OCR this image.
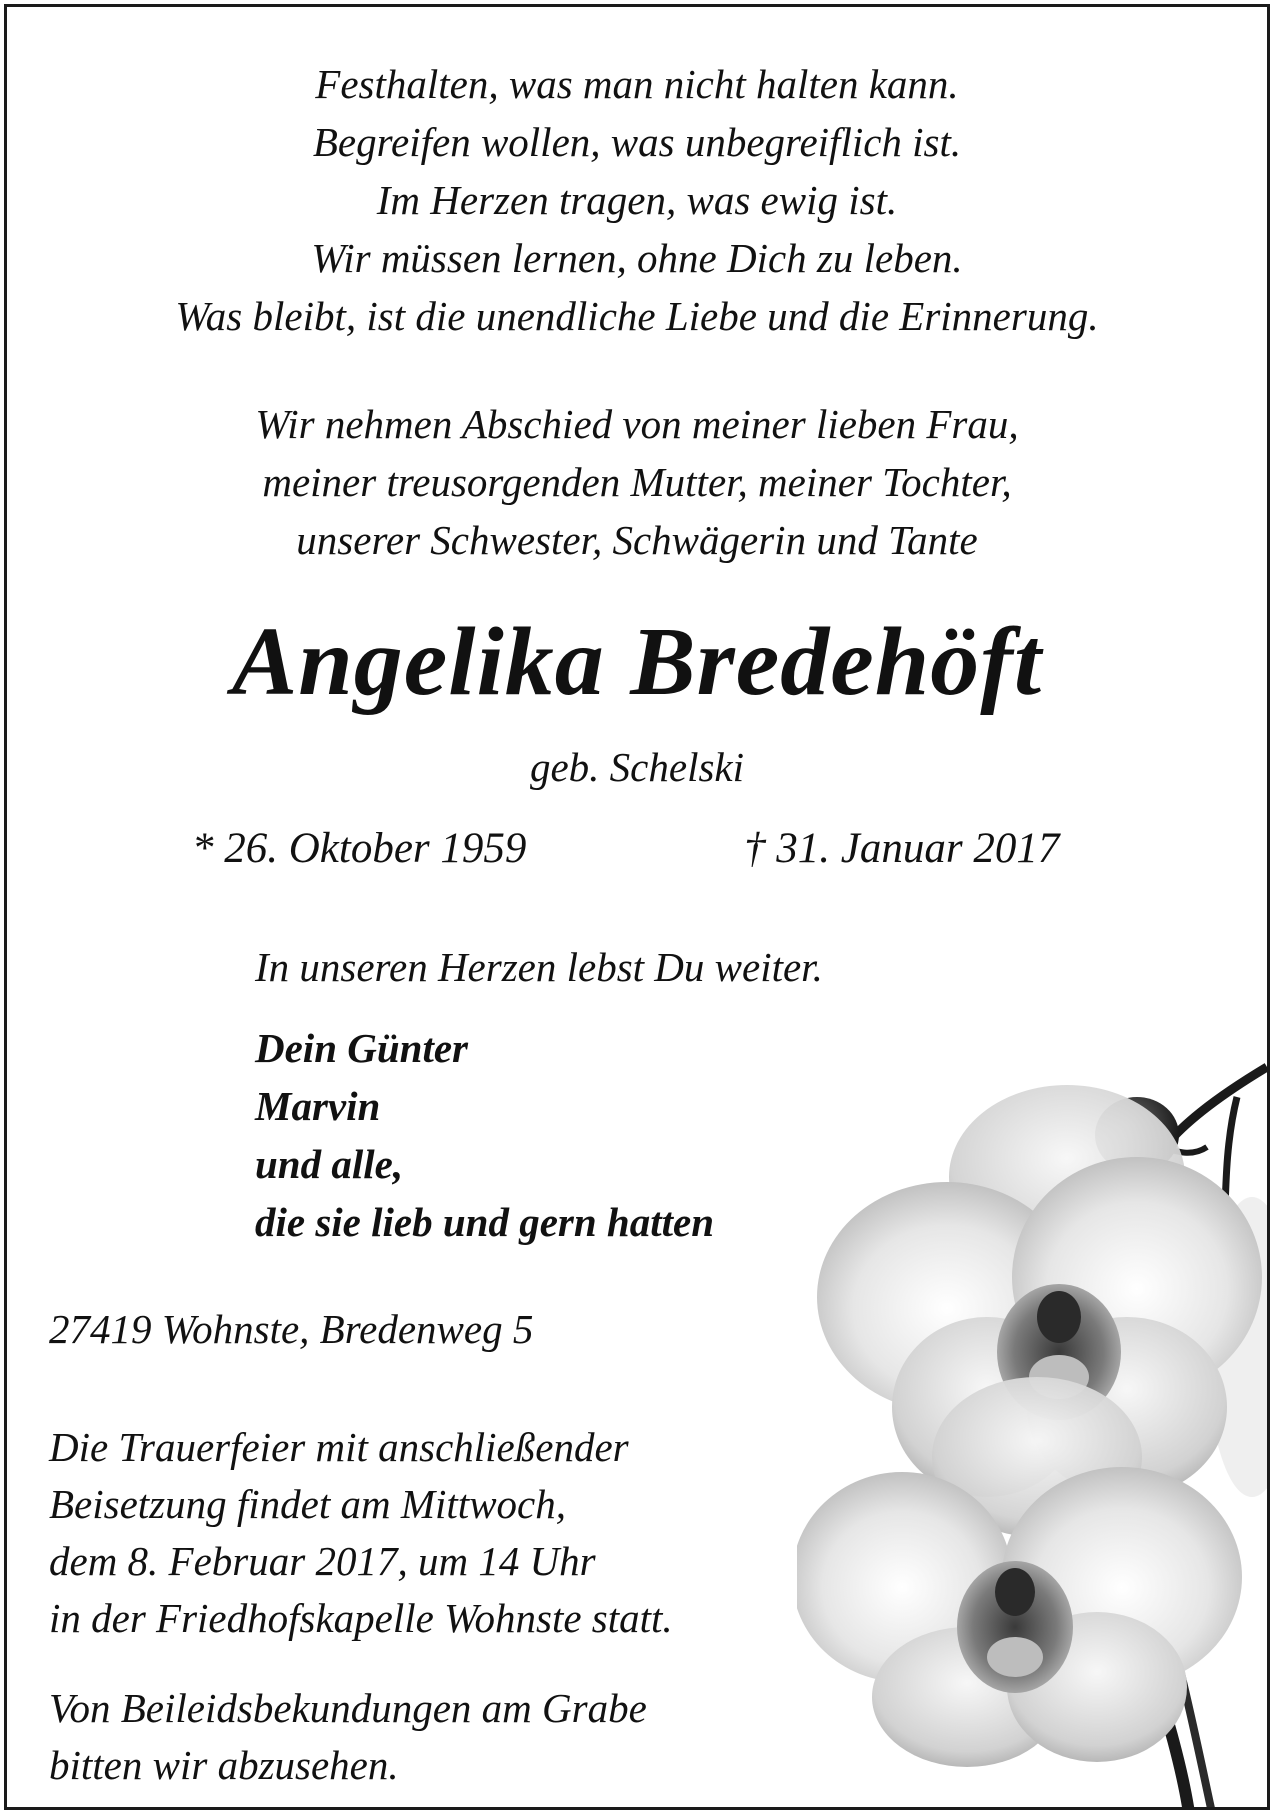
Festhalten, was man nicht halten kann.
Begreifen wollen, was unbegreiflich ist.
Im Herzen tragen, was ewig ist.
Wir müssen lernen, ohne Dich zu leben.
Was bleibt, ist die unendliche Liebe und die Erinnerung.
Wir nehmen Abschied von meiner lieben Frau,
meiner treusorgenden Mutter, meiner Tochter,
unserer Schwester, Schwägerin und Tante
Angelika Bredehöft
geb. Schelski
* 26. Oktober 1959	† 31. Januar 2017
In unseren Herzen lebst Du weiter.
Dein Günter
Marvin
und alle,
die sie lieb und gern hatten
27419 Wohnste, Bredenweg 5
Die Trauerfeier mit anschließender
Beisetzung findet am Mittwoch,
dem 8. Februar 2017, um 14 Uhr
in der Friedhofskapelle Wohnste statt.
Von Beileidsbekundungen am Grabe
bitten wir abzusehen.
